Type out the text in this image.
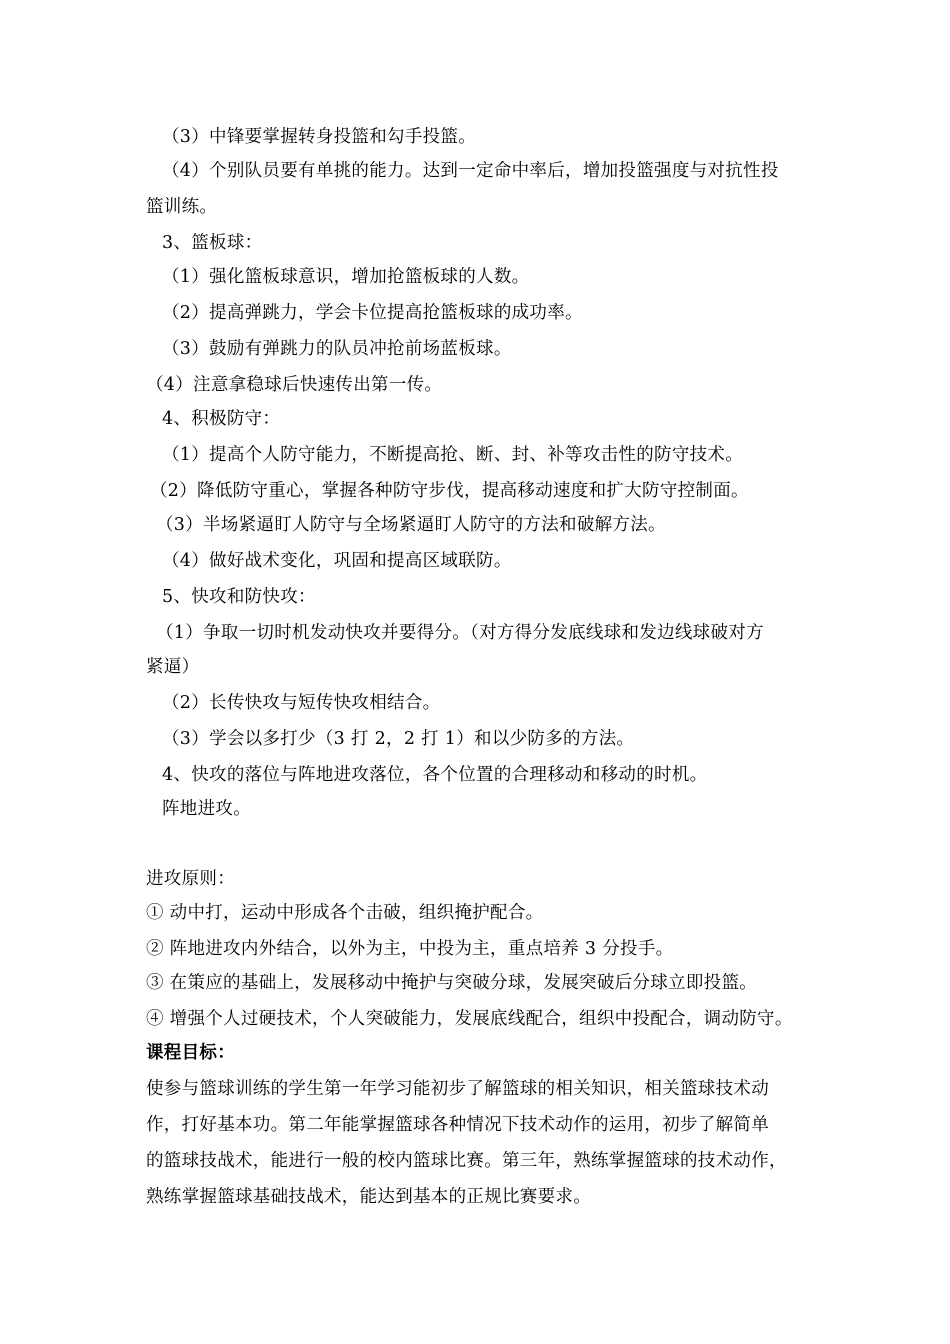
（3）中锋要掌握转身投篮和勾手投篮。
（4）个别队员要有单挑的能力。达到一定命中率后，增加投篮强度与对抗性投
篮训练。
3、篮板球：
（1）强化篮板球意识，增加抢篮板球的人数。
（2）提高弹跳力，学会卡位提高抢篮板球的成功率。
（3）鼓励有弹跳力的队员冲抢前场蓝板球。
（4）注意拿稳球后快速传出第一传。
4、积极防守：
（1）提高个人防守能力，不断提高抢、断、封、补等攻击性的防守技术。
（2）降低防守重心，掌握各种防守步伐，提高移动速度和扩大防守控制面。
（3）半场紧逼盯人防守与全场紧逼盯人防守的方法和破解方法。
（4）做好战术变化，巩固和提高区域联防。
5、快攻和防快攻：
（1）争取一切时机发动快攻并要得分。（对方得分发底线球和发边线球破对方
紧逼）
（2）长传快攻与短传快攻相结合。
（3）学会以多打少（3 打 2，2 打 1）和以少防多的方法。
4、快攻的落位与阵地进攻落位，各个位置的合理移动和移动的时机。
阵地进攻。
进攻原则：
① 动中打，运动中形成各个击破，组织掩护配合。
② 阵地进攻内外结合，以外为主，中投为主，重点培养 3 分投手。
③ 在策应的基础上，发展移动中掩护与突破分球，发展突破后分球立即投篮。
④ 增强个人过硬技术，个人突破能力，发展底线配合，组织中投配合，调动防守。
课程目标：
使参与篮球训练的学生第一年学习能初步了解篮球的相关知识，相关篮球技术动
作，打好基本功。第二年能掌握篮球各种情况下技术动作的运用，初步了解简单
的篮球技战术，能进行一般的校内篮球比赛。第三年，熟练掌握篮球的技术动作，
熟练掌握篮球基础技战术，能达到基本的正规比赛要求。
